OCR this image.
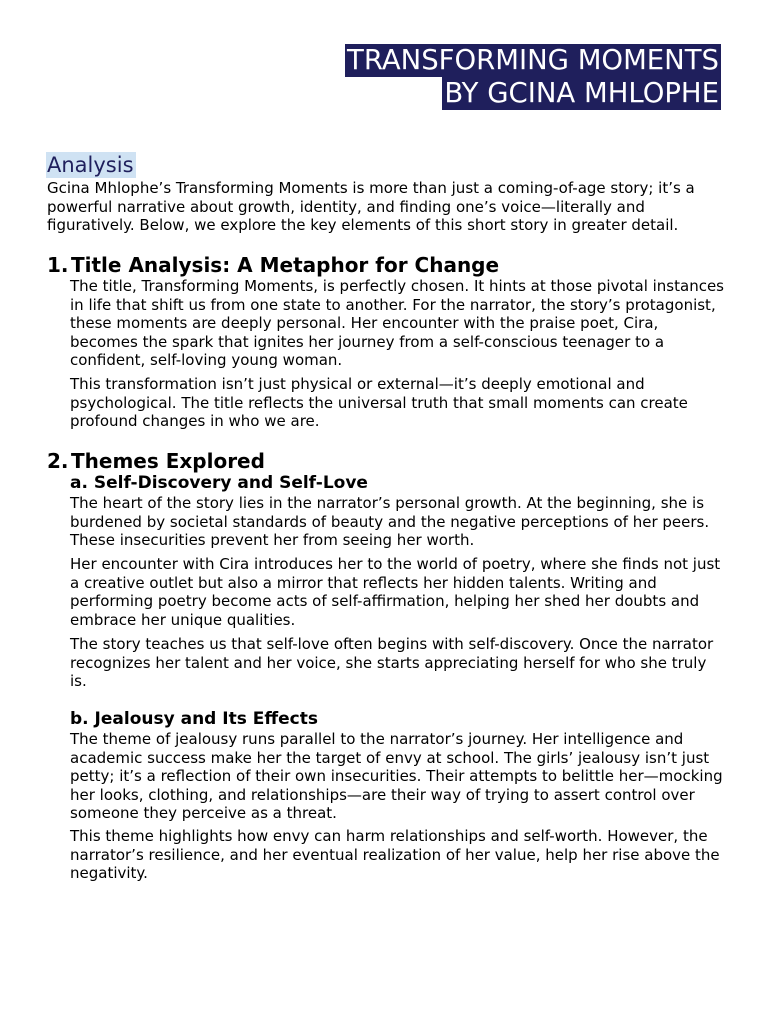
TRANSFORMING MOMENTS
BY GCINA MHLOPHE
Analysis
Gcina Mhlophe’s Transforming Moments is more than just a coming-of-age story; it’s a powerful narrative about growth, identity, and finding one’s voice—literally and figuratively. Below, we explore the key elements of this short story in greater detail.
1. Title Analysis: A Metaphor for Change
The title, Transforming Moments, is perfectly chosen. It hints at those pivotal instances in life that shift us from one state to another. For the narrator, the story’s protagonist, these moments are deeply personal. Her encounter with the praise poet, Cira, becomes the spark that ignites her journey from a self-conscious teenager to a confident, self-loving young woman.
This transformation isn’t just physical or external—it’s deeply emotional and psychological. The title reflects the universal truth that small moments can create profound changes in who we are.
2. Themes Explored
a. Self-Discovery and Self-Love
The heart of the story lies in the narrator’s personal growth. At the beginning, she is burdened by societal standards of beauty and the negative perceptions of her peers. These insecurities prevent her from seeing her worth.
Her encounter with Cira introduces her to the world of poetry, where she finds not just a creative outlet but also a mirror that reflects her hidden talents. Writing and performing poetry become acts of self-affirmation, helping her shed her doubts and embrace her unique qualities.
The story teaches us that self-love often begins with self-discovery. Once the narrator recognizes her talent and her voice, she starts appreciating herself for who she truly is.
b. Jealousy and Its Effects
The theme of jealousy runs parallel to the narrator’s journey. Her intelligence and academic success make her the target of envy at school. The girls’ jealousy isn’t just petty; it’s a reflection of their own insecurities. Their attempts to belittle her—mocking her looks, clothing, and relationships—are their way of trying to assert control over someone they perceive as a threat.
This theme highlights how envy can harm relationships and self-worth. However, the narrator’s resilience, and her eventual realization of her value, help her rise above the negativity.
